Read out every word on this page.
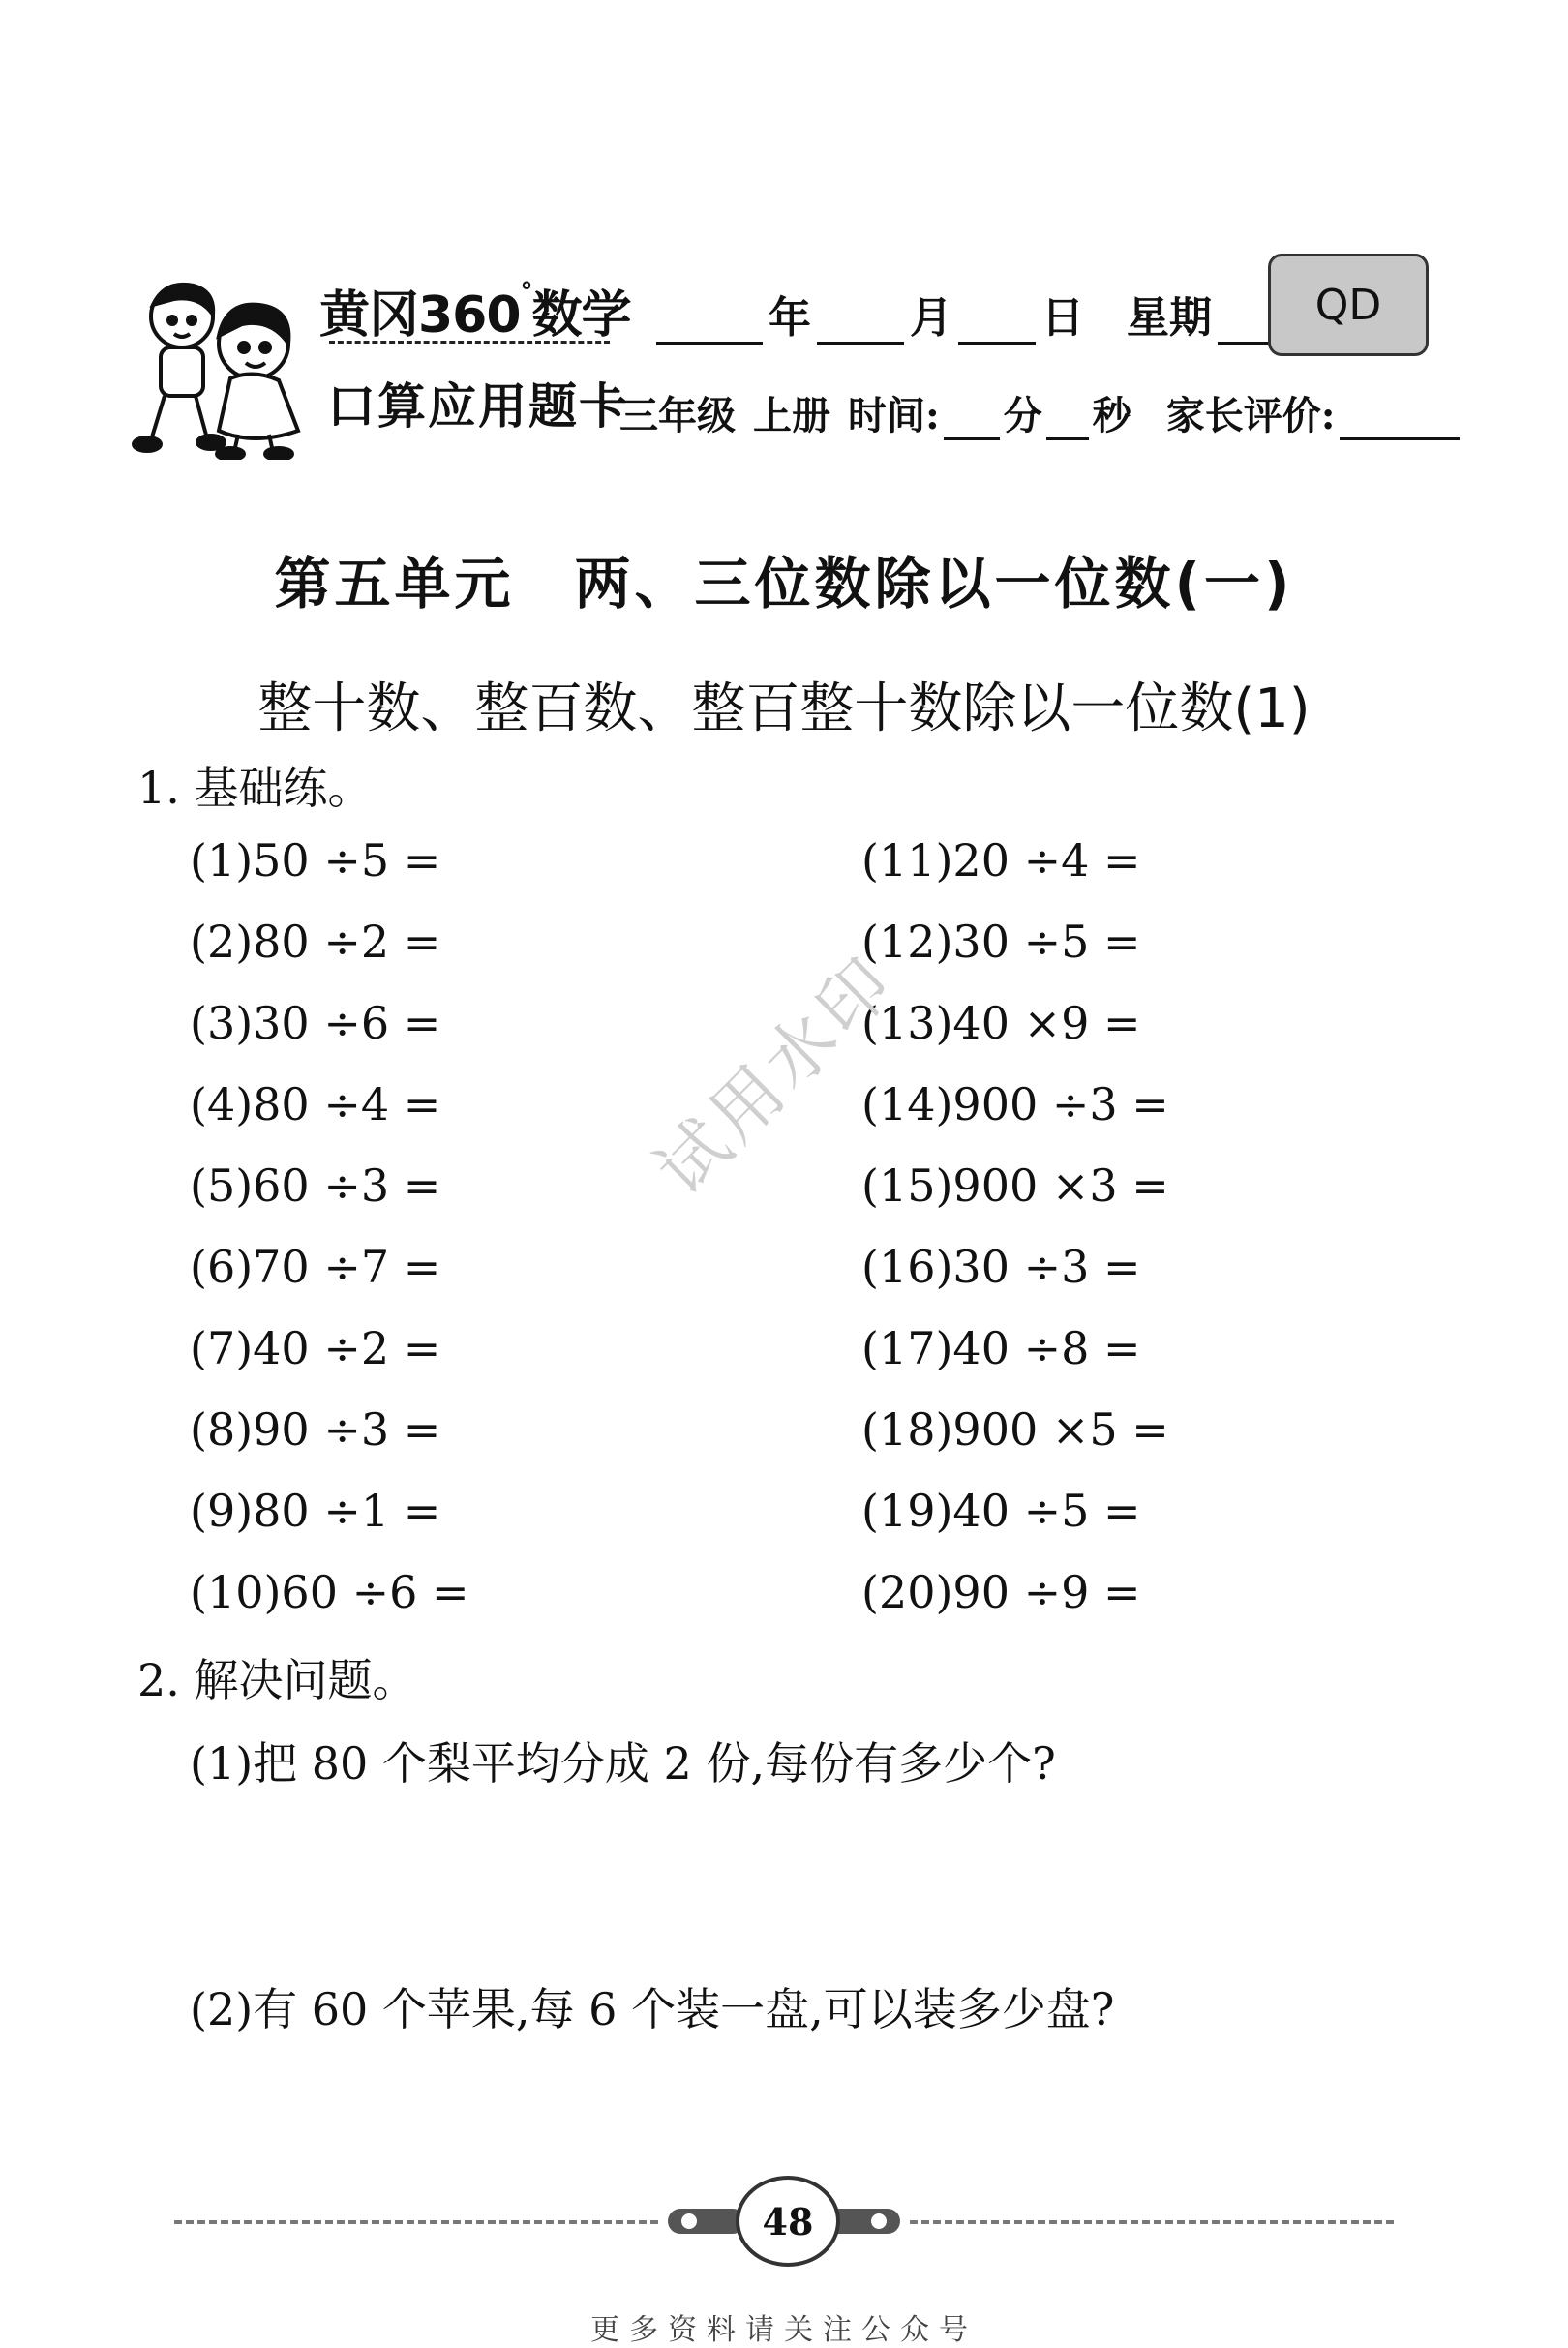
黄冈360°数学
口算应用题卡
年 月 日 星期	QD
三年级 上册 时间: 分 秒 家长评价:
第五单元　两、三位数除以一位数(一)
整十数、整百数、整百整十数除以一位数(1)
1. 基础练。
(1)50 ÷5 =
(2)80 ÷2 =
(3)30 ÷6 =
(4)80 ÷4 =
(5)60 ÷3 =
(6)70 ÷7 =
(7)40 ÷2 =
(8)90 ÷3 =
(9)80 ÷1 =
(10)60 ÷6 =
(11)20 ÷4 =
(12)30 ÷5 =
(13)40 ×9 =
(14)900 ÷3 =
(15)900 ×3 =
(16)30 ÷3 =
(17)40 ÷8 =
(18)900 ×5 =
(19)40 ÷5 =
(20)90 ÷9 =
试用水印
2. 解决问题。
(1)把 80 个梨平均分成 2 份,每份有多少个?
(2)有 60 个苹果,每 6 个装一盘,可以装多少盘?
48
更多资料请关注公众号
